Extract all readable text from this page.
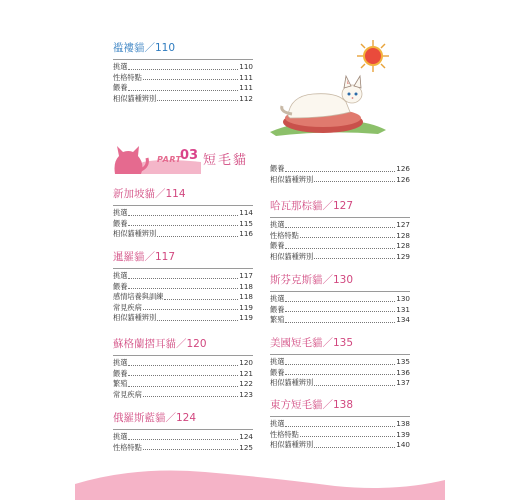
PART
03 短毛貓
褴褸貓／110
挑選	110
性格特點	111
餵養	111
相似貓種辨別	112
新加坡貓／114
挑選	114
餵養	115
相似貓種辨別	116
暹羅貓／117
挑選	117
餵養	118
感情培養與訓練	118
常見疾病	119
相似貓種辨別	119
蘇格蘭摺耳貓／120
挑選	120
餵養	121
繁殖	122
常見疾病	123
俄羅斯藍貓／124
挑選	124
性格特點	125
餵養	126
相似貓種辨別	126
哈瓦那棕貓／127
挑選	127
性格特點	128
餵養	128
相似貓種辨別	129
斯芬克斯貓／130
挑選	130
餵養	131
繁殖	134
美國短毛貓／135
挑選	135
餵養	136
相似貓種辨別	137
東方短毛貓／138
挑選	138
性格特點	139
相似貓種辨別	140
